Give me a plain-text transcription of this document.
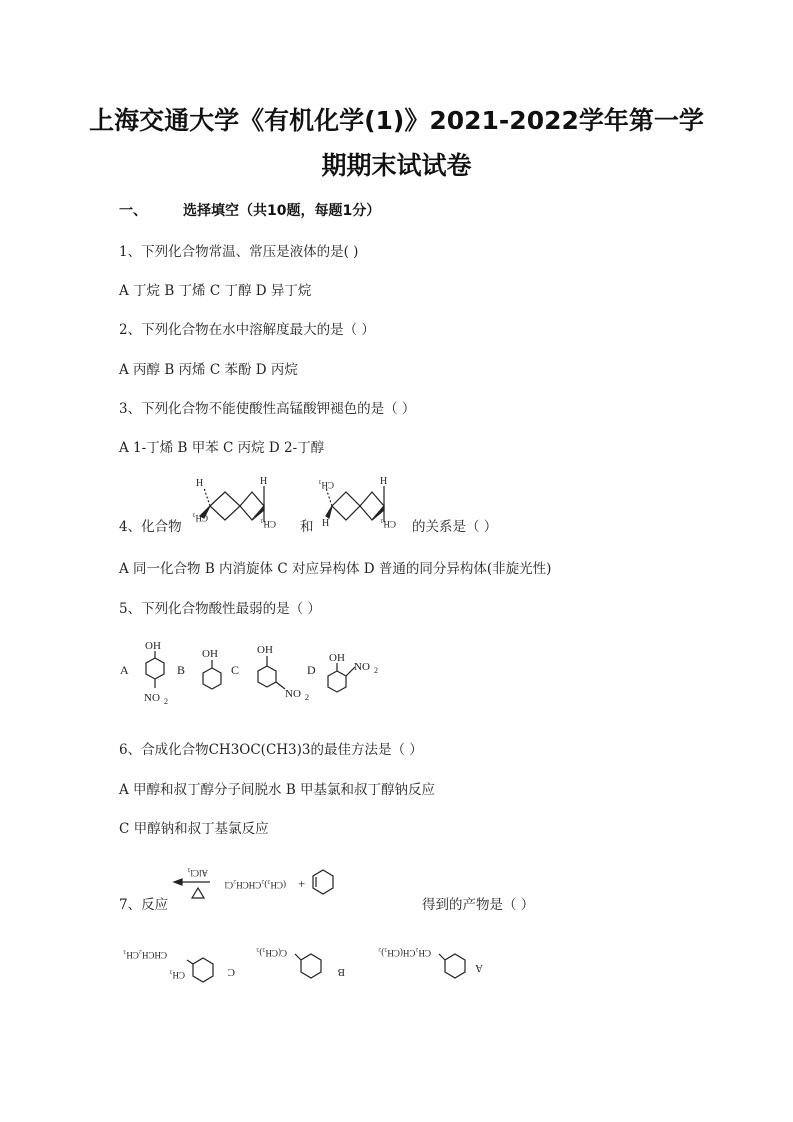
上海交通大学《有机化学(1)》2021-2022学年第一学
期期末试试卷
一、	选择填空（共10题，每题1分）
1、下列化合物常温、常压是液体的是( )
A 丁烷 B 丁烯 C 丁醇 D 异丁烷
2、下列化合物在水中溶解度最大的是（ ）
A 丙醇 B 丙烯 C 苯酚 D 丙烷
3、下列化合物不能使酸性高锰酸钾褪色的是（ ）
A 1-丁烯 B 甲苯 C 丙烷 D 2-丁醇
4、化合物	和	的关系是（ ）
H	H
CH₃
CH₃
CH₃
H
H
CH₃
A 同一化合物 B 内消旋体 C 对应异构体 D 普通的同分异构体(非旋光性)
5、下列化合物酸性最弱的是（ ）
A
OH
NO 2
B
OH
C
OH
NO 2
D
OH
NO 2
6、合成化合物CH3OC(CH3)3的最佳方法是（ ）
A 甲醇和叔丁醇分子间脱水 B 甲基氯和叔丁醇钠反应
C 甲醇钠和叔丁基氯反应
7、反应	得到的产物是（ ）
AlCl₃
(CH₃)₂CHCH₂Cl +
CHCH₂CH₃
CH₃	C
C(CH₃)₃
B
CH₂CH(CH₃)₂
A
